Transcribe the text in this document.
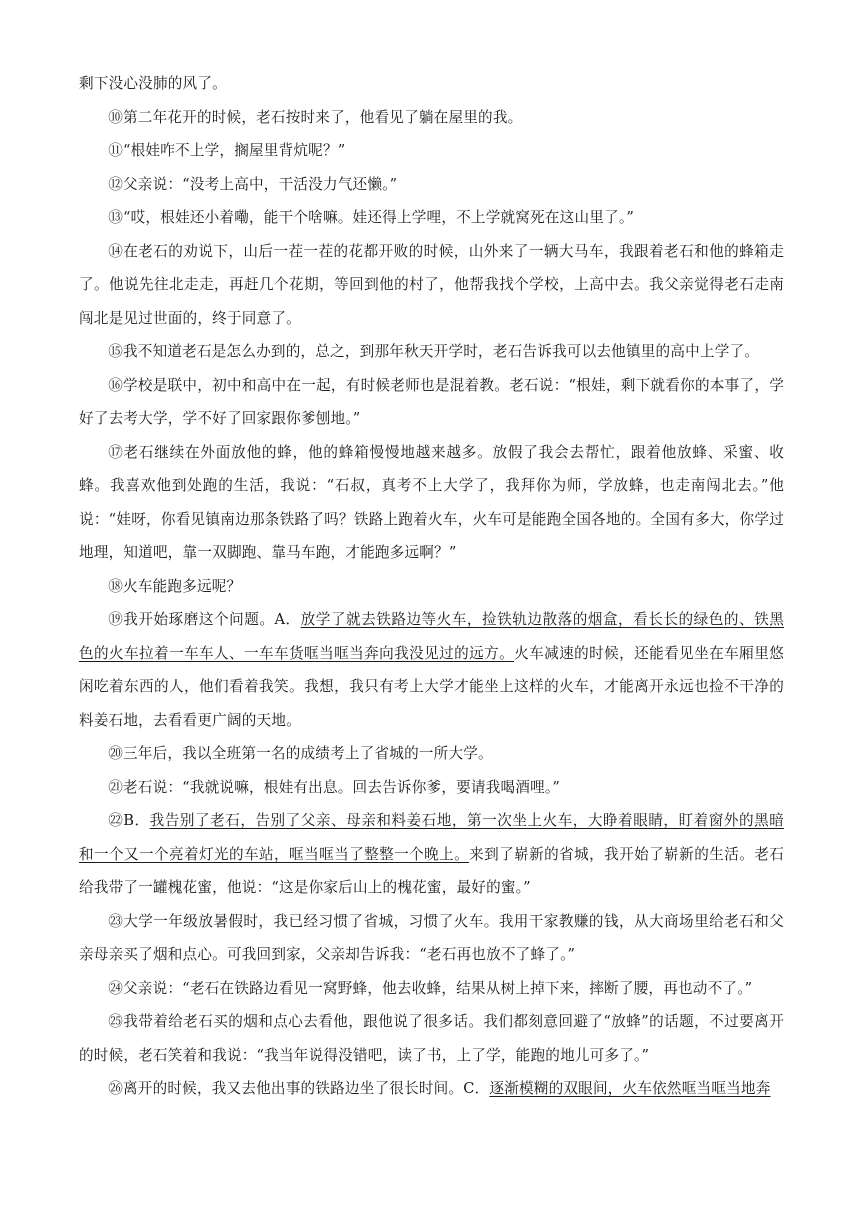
剩下没心没肺的风了。

⑩第二年花开的时候，老石按时来了，他看见了躺在屋里的我。

⑪“根娃咋不上学，搁屋里背炕呢？”

⑫父亲说：“没考上高中，干活没力气还懒。”

⑬“哎，根娃还小着嘞，能干个啥嘛。娃还得上学哩，不上学就窝死在这山里了。”

⑭在老石的劝说下，山后一茬一茬的花都开败的时候，山外来了一辆大马车，我跟着老石和他的蜂箱走了。他说先往北走走，再赶几个花期，等回到他的村了，他帮我找个学校，上高中去。我父亲觉得老石走南闯北是见过世面的，终于同意了。

⑮我不知道老石是怎么办到的，总之，到那年秋天开学时，老石告诉我可以去他镇里的高中上学了。

⑯学校是联中，初中和高中在一起，有时候老师也是混着教。老石说：“根娃，剩下就看你的本事了，学好了去考大学，学不好了回家跟你爹刨地。”

⑰老石继续在外面放他的蜂，他的蜂箱慢慢地越来越多。放假了我会去帮忙，跟着他放蜂、采蜜、收蜂。我喜欢他到处跑的生活，我说：“石叔，真考不上大学了，我拜你为师，学放蜂，也走南闯北去。”他说：“娃呀，你看见镇南边那条铁路了吗？铁路上跑着火车，火车可是能跑全国各地的。全国有多大，你学过地理，知道吧，靠一双脚跑、靠马车跑，才能跑多远啊？”

⑱火车能跑多远呢？

⑲我开始琢磨这个问题。A．放学了就去铁路边等火车，捡铁轨边散落的烟盒，看长长的绿色的、铁黑色的火车拉着一车车人、一车车货哐当哐当奔向我没见过的远方。火车减速的时候，还能看见坐在车厢里悠闲吃着东西的人，他们看着我笑。我想，我只有考上大学才能坐上这样的火车，才能离开永远也捡不干净的料姜石地，去看看更广阔的天地。

⑳三年后，我以全班第一名的成绩考上了省城的一所大学。

㉑老石说：“我就说嘛，根娃有出息。回去告诉你爹，要请我喝酒哩。”

㉒B．我告别了老石，告别了父亲、母亲和料姜石地，第一次坐上火车，大睁着眼睛，盯着窗外的黑暗和一个又一个亮着灯光的车站，哐当哐当了整整一个晚上。来到了崭新的省城，我开始了崭新的生活。老石给我带了一罐槐花蜜，他说：“这是你家后山上的槐花蜜，最好的蜜。”

㉓大学一年级放暑假时，我已经习惯了省城，习惯了火车。我用干家教赚的钱，从大商场里给老石和父亲母亲买了烟和点心。可我回到家，父亲却告诉我：“老石再也放不了蜂了。”

㉔父亲说：“老石在铁路边看见一窝野蜂，他去收蜂，结果从树上掉下来，摔断了腰，再也动不了。”

㉕我带着给老石买的烟和点心去看他，跟他说了很多话。我们都刻意回避了“放蜂”的话题，不过要离开的时候，老石笑着和我说：“我当年说得没错吧，读了书，上了学，能跑的地儿可多了。”

㉖离开的时候，我又去他出事的铁路边坐了很长时间。C．逐渐模糊的双眼间，火车依然哐当哐当地奔
